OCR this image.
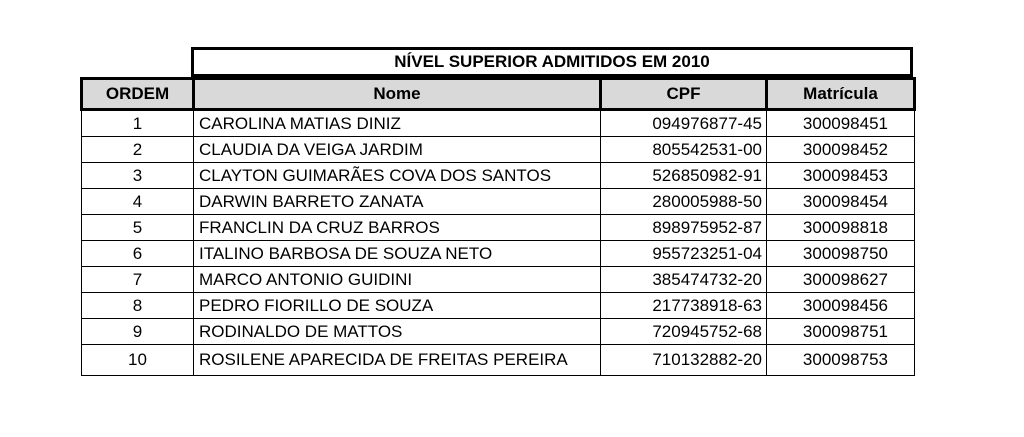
NÍVEL SUPERIOR ADMITIDOS EM 2010
ORDEM	Nome	CPF	Matrícula
1	CAROLINA MATIAS DINIZ	094976877-45	300098451
2	CLAUDIA DA VEIGA JARDIM	805542531-00	300098452
3	CLAYTON GUIMARÃES COVA DOS SANTOS	526850982-91	300098453
4	DARWIN BARRETO ZANATA	280005988-50	300098454
5	FRANCLIN DA CRUZ BARROS	898975952-87	300098818
6	ITALINO BARBOSA DE SOUZA NETO	955723251-04	300098750
7	MARCO ANTONIO GUIDINI	385474732-20	300098627
8	PEDRO FIORILLO DE SOUZA	217738918-63	300098456
9	RODINALDO DE MATTOS	720945752-68	300098751
10	ROSILENE APARECIDA DE FREITAS PEREIRA	710132882-20	300098753
